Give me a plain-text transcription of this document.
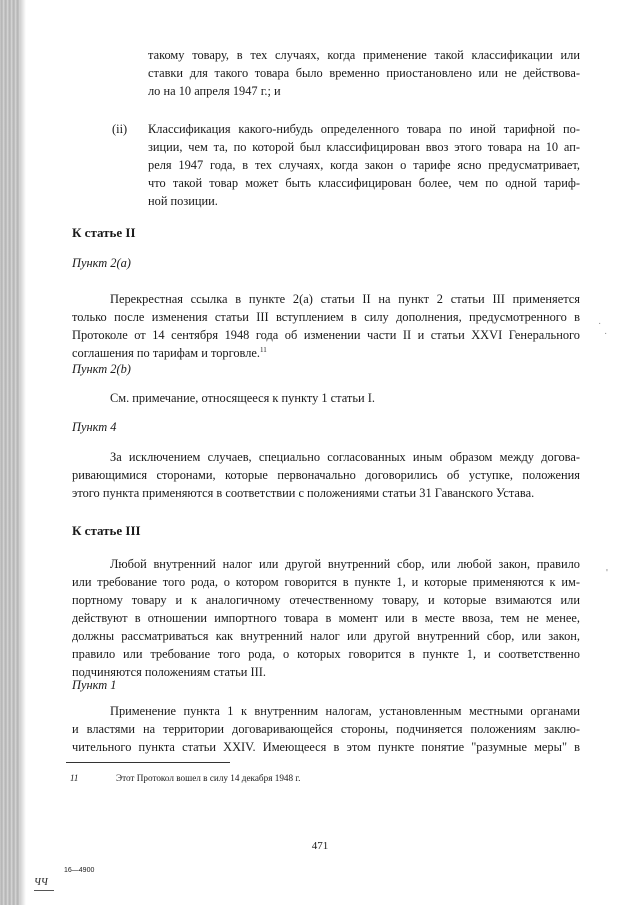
такому товару, в тех случаях, когда применение такой классификации или

ставки для такого товара было временно приостановлено или не действова-

ло на 10 апреля 1947 г.; и

(ii) Классификация какого-нибудь определенного товара по иной тарифной по-

зиции, чем та, по которой был классифицирован ввоз этого товара на 10 ап-

реля 1947 года, в тех случаях, когда закон о тарифе ясно предусматривает,

что такой товар может быть классифицирован более, чем по одной тариф-

ной позиции.

К статье II

Пункт 2(а)

Перекрестная ссылка в пункте 2(а) статьи II на пункт 2 статьи III применяется

только после изменения статьи III вступлением в силу дополнения, предусмотренного в

Протоколе от 14 сентября 1948 года об изменении части II и статьи XXVI Генерального

соглашения по тарифам и торговле.$^{11}$

Пункт 2(b)

См. примечание, относящееся к пункту 1 статьи I.

Пункт 4

За исключением случаев, специально согласованных иным образом между догова-

ривающимися сторонами, которые первоначально договорились об уступке, положения

этого пункта применяются в соответствии с положениями статьи 31 Гаванского Устава.

К статье III

Любой внутренний налог или другой внутренний сбор, или любой закон, правило

или требование того рода, о котором говорится в пункте 1, и которые применяются к им-

портному товару и к аналогичному отечественному товару, и которые взимаются или

действуют в отношении импортного товара в момент или в месте ввоза, тем не менее,

должны рассматриваться как внутренний налог или другой внутренний сбор, или закон,

правило или требование того рода, о которых говорится в пункте 1, и соответственно

подчиняются положениям статьи III.

Пункт 1

Применение пункта 1 к внутренним налогам, установленным местными органами

и властями на территории договаривающейся стороны, подчиняется положениям заклю-

чительного пункта статьи XXIV. Имеющееся в этом пункте понятие "разумные меры" в

11	Этот Протокол вошел в силу 14 декабря 1948 г.
471
16—4900
ЧЧ
·
·
'
